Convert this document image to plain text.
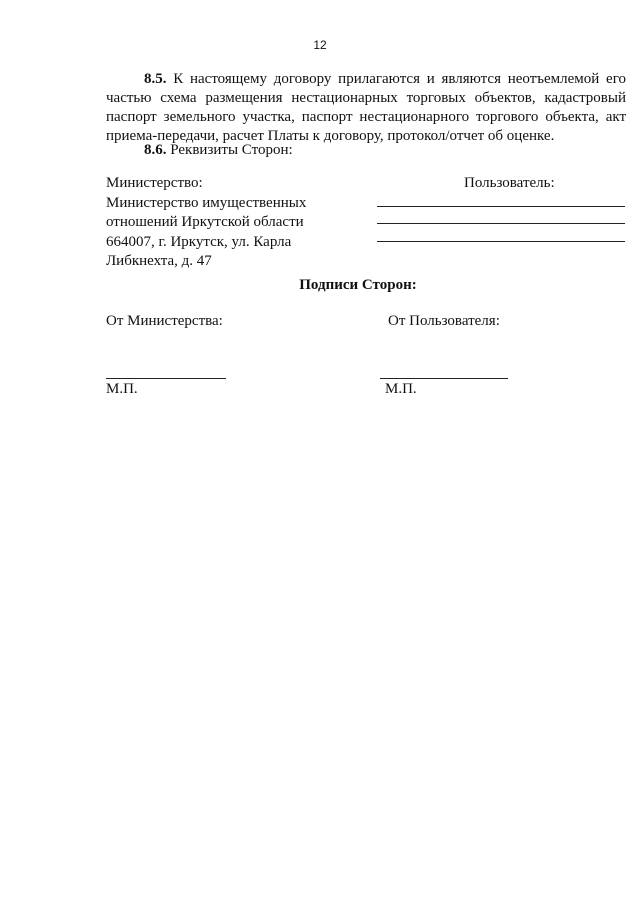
12
8.5. К настоящему договору прилагаются и являются неотъемлемой его частью схема размещения нестационарных торговых объектов, кадастровый паспорт земельного участка, паспорт нестационарного торгового объекта, акт приема-передачи, расчет Платы к договору, протокол/отчет об оценке.
8.6. Реквизиты Сторон:
Министерство:
Министерство имущественных
отношений Иркутской области
664007, г. Иркутск, ул. Карла
Либкнехта, д. 47
Пользователь:
Подписи Сторон:
От Министерства:	От Пользователя:
М.П.	М.П.
